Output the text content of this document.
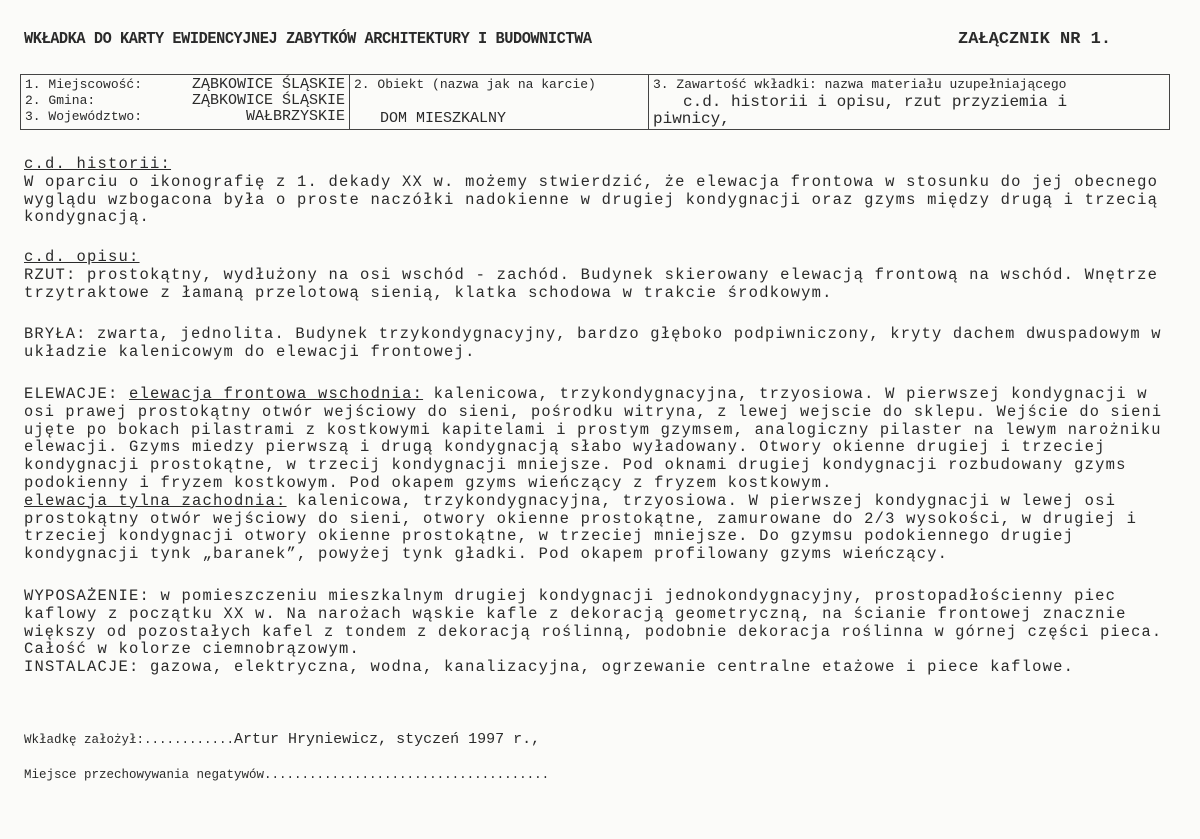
WKŁADKA DO KARTY EWIDENCYJNEJ ZABYTKÓW ARCHITEKTURY I BUDOWNICTWA	ZAŁĄCZNIK NR 1.
1. Miejscowość:	ZĄBKOWICE ŚLĄSKIE
2. Gmina:	ZĄBKOWICE ŚLĄSKIE
3. Województwo:	WAŁBRZYSKIE

2. Obiekt (nazwa jak na karcie)
DOM MIESZKALNY

3. Zawartość wkładki: nazwa materiału uzupełniającego
c.d. historii i opisu, rzut przyziemia i
piwnicy,
c.d. historii:
W oparciu o ikonografię z 1. dekady XX w. możemy stwierdzić, że elewacja frontowa w stosunku do jej obecnego
wyglądu wzbogacona była o proste naczółki nadokienne w drugiej kondygnacji oraz gzyms między drugą i trzecią
kondygnacją.
c.d. opisu:
RZUT: prostokątny, wydłużony na osi wschód - zachód. Budynek skierowany elewacją frontową na wschód. Wnętrze
trzytraktowe z łamaną przelotową sienią, klatka schodowa w trakcie środkowym.
BRYŁA: zwarta, jednolita. Budynek trzykondygnacyjny, bardzo głęboko podpiwniczony, kryty dachem dwuspadowym w
układzie kalenicowym do elewacji frontowej.
ELEWACJE: elewacja frontowa wschodnia: kalenicowa, trzykondygnacyjna, trzyosiowa. W pierwszej kondygnacji w
osi prawej prostokątny otwór wejściowy do sieni, pośrodku witryna, z lewej wejscie do sklepu. Wejście do sieni
ujęte po bokach pilastrami z kostkowymi kapitelami i prostym gzymsem, analogiczny pilaster na lewym narożniku
elewacji. Gzyms miedzy pierwszą i drugą kondygnacją słabo wyładowany. Otwory okienne drugiej i trzeciej
kondygnacji prostokątne, w trzecij kondygnacji mniejsze. Pod oknami drugiej kondygnacji rozbudowany gzyms
podokienny i fryzem kostkowym. Pod okapem gzyms wieńczący z fryzem kostkowym.
elewacja tylna zachodnia: kalenicowa, trzykondygnacyjna, trzyosiowa. W pierwszej kondygnacji w lewej osi
prostokątny otwór wejściowy do sieni, otwory okienne prostokątne, zamurowane do 2/3 wysokości, w drugiej i
trzeciej kondygnacji otwory okienne prostokątne, w trzeciej mniejsze. Do gzymsu podokiennego drugiej
kondygnacji tynk „baranek”, powyżej tynk gładki. Pod okapem profilowany gzyms wieńczący.
WYPOSAŻENIE: w pomieszczeniu mieszkalnym drugiej kondygnacji jednokondygnacyjny, prostopadłościenny piec
kaflowy z początku XX w. Na narożach wąskie kafle z dekoracją geometryczną, na ścianie frontowej znacznie
większy od pozostałych kafel z tondem z dekoracją roślinną, podobnie dekoracja roślinna w górnej części pieca.
Całość w kolorze ciemnobrązowym.
INSTALACJE: gazowa, elektryczna, wodna, kanalizacyjna, ogrzewanie centralne etażowe i piece kaflowe.
Wkładkę założył:............Artur Hryniewicz, styczeń 1997 r.,
Miejsce przechowywania negatywów......................................
